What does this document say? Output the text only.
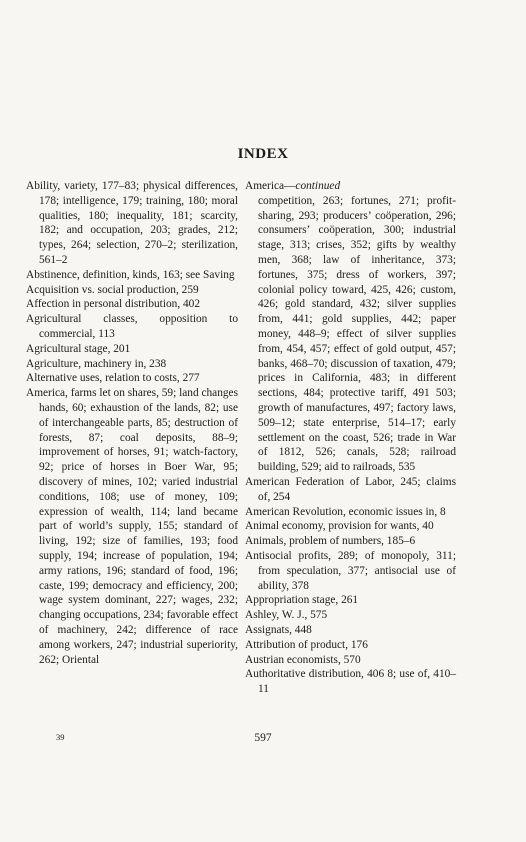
INDEX

Ability, variety, 177–83; physical differences, 178; intelligence, 179; training, 180; moral qualities, 180; inequality, 181; scarcity, 182; and occupation, 203; grades, 212; types, 264; selection, 270–2; sterilization, 561–2

Abstinence, definition, kinds, 163; see Saving

Acquisition vs. social production, 259

Affection in personal distribution, 402

Agricultural classes, opposition to commercial, 113

Agricultural stage, 201

Agriculture, machinery in, 238

Alternative uses, relation to costs, 277

America, farms let on shares, 59; land changes hands, 60; exhaustion of the lands, 82; use of interchangeable parts, 85; destruction of forests, 87; coal deposits, 88–9; improvement of horses, 91; watch-factory, 92; price of horses in Boer War, 95; discovery of mines, 102; varied industrial conditions, 108; use of money, 109; expression of wealth, 114; land became part of world’s supply, 155; standard of living, 192; size of families, 193; food supply, 194; increase of population, 194; army rations, 196; standard of food, 196; caste, 199; democracy and efficiency, 200; wage system dominant, 227; wages, 232; changing occupations, 234; favorable effect of machinery, 242; difference of race among workers, 247; industrial superiority, 262; Oriental

America—continued
competition, 263; fortunes, 271; profit-sharing, 293; producers’ coöperation, 296; consumers’ coöperation, 300; industrial stage, 313; crises, 352; gifts by wealthy men, 368; law of inheritance, 373; fortunes, 375; dress of workers, 397; colonial policy toward, 425, 426; custom, 426; gold standard, 432; silver supplies from, 441; gold supplies, 442; paper money, 448–9; effect of silver supplies from, 454, 457; effect of gold output, 457; banks, 468–70; discussion of taxation, 479; prices in California, 483; in different sections, 484; protective tariff, 491 503; growth of manufactures, 497; factory laws, 509–12; state enterprise, 514–17; early settlement on the coast, 526; trade in War of 1812, 526; canals, 528; railroad building, 529; aid to railroads, 535

American Federation of Labor, 245; claims of, 254

American Revolution, economic issues in, 8

Animal economy, provision for wants, 40

Animals, problem of numbers, 185–6

Antisocial profits, 289; of monopoly, 311; from speculation, 377; antisocial use of ability, 378

Appropriation stage, 261

Ashley, W. J., 575

Assignats, 448

Attribution of product, 176

Austrian economists, 570

Authoritative distribution, 406 8; use of, 410–11

39	597
